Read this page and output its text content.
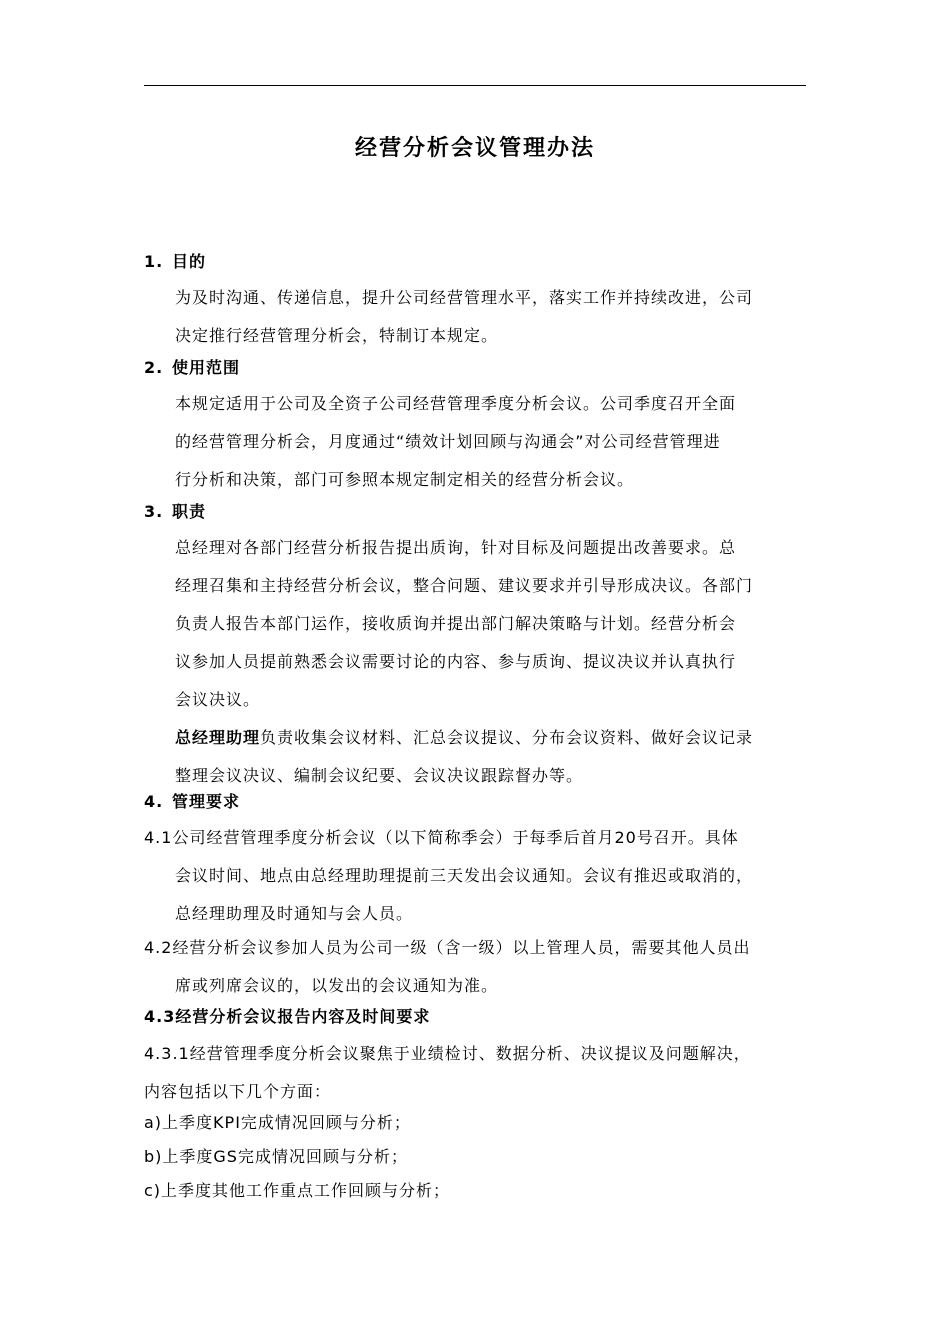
经营分析会议管理办法
1. 目的
为及时沟通、传递信息，提升公司经营管理水平，落实工作并持续改进，公司
决定推行经营管理分析会，特制订本规定。
2. 使用范围
本规定适用于公司及全资子公司经营管理季度分析会议。公司季度召开全面
的经营管理分析会，月度通过“绩效计划回顾与沟通会”对公司经营管理进
行分析和决策，部门可参照本规定制定相关的经营分析会议。
3. 职责
总经理对各部门经营分析报告提出质询，针对目标及问题提出改善要求。总
经理召集和主持经营分析会议，整合问题、建议要求并引导形成决议。各部门
负责人报告本部门运作，接收质询并提出部门解决策略与计划。经营分析会
议参加人员提前熟悉会议需要讨论的内容、参与质询、提议决议并认真执行
会议决议。
总经理助理负责收集会议材料、汇总会议提议、分布会议资料、做好会议记录
整理会议决议、编制会议纪要、会议决议跟踪督办等。
4. 管理要求
4.1公司经营管理季度分析会议（以下简称季会）于每季后首月20号召开。具体
会议时间、地点由总经理助理提前三天发出会议通知。会议有推迟或取消的，
总经理助理及时通知与会人员。
4.2经营分析会议参加人员为公司一级（含一级）以上管理人员，需要其他人员出
席或列席会议的，以发出的会议通知为准。
4.3经营分析会议报告内容及时间要求
4.3.1经营管理季度分析会议聚焦于业绩检讨、数据分析、决议提议及问题解决，
内容包括以下几个方面：
a)上季度KPI完成情况回顾与分析；
b)上季度GS完成情况回顾与分析；
c)上季度其他工作重点工作回顾与分析；
